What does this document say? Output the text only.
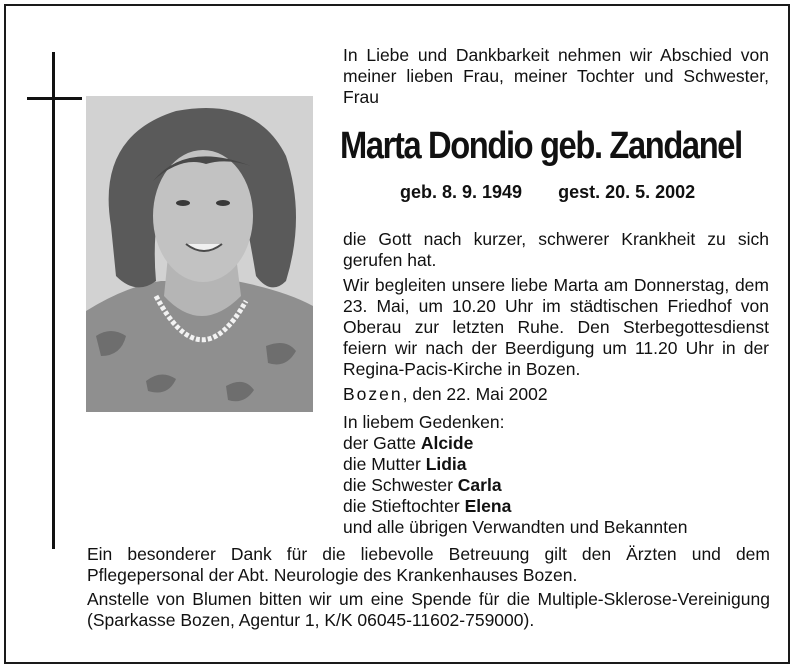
In Liebe und Dankbarkeit nehmen wir Abschied von meiner lieben Frau, meiner Tochter und Schwester, Frau
Marta Dondio geb. Zandanel
geb. 8. 9. 1949 gest. 20. 5. 2002

die Gott nach kurzer, schwerer Krankheit zu sich gerufen hat.

Wir begleiten unsere liebe Marta am Donnerstag, dem 23. Mai, um 10.20 Uhr im städtischen Friedhof von Oberau zur letzten Ruhe. Den Sterbegottesdienst feiern wir nach der Beerdigung um 11.20 Uhr in der Regina-Pacis-Kirche in Bozen.

Bozen, den 22. Mai 2002

In liebem Gedenken:
der Gatte Alcide
die Mutter Lidia
die Schwester Carla
die Stieftochter Elena
und alle übrigen Verwandten und Bekannten

Ein besonderer Dank für die liebevolle Betreuung gilt den Ärzten und dem Pflegepersonal der Abt. Neurologie des Krankenhauses Bozen.

Anstelle von Blumen bitten wir um eine Spende für die Multiple-Sklerose-Vereinigung (Sparkasse Bozen, Agentur 1, K/K 06045-11602-759000).
